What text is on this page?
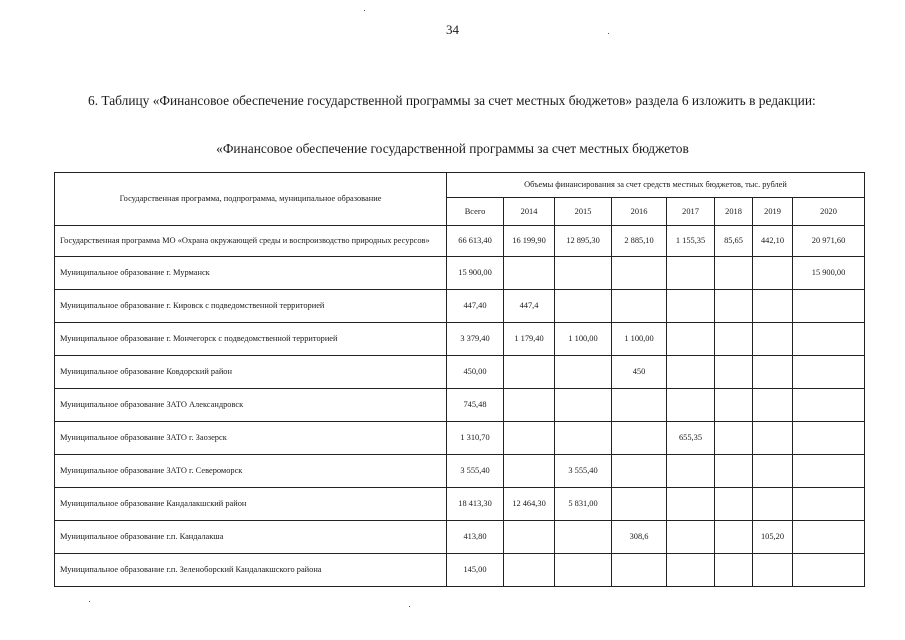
34
6. Таблицу «Финансовое обеспечение государственной программы за счет местных бюджетов» раздела 6 изложить в редакции:
«Финансовое обеспечение государственной программы за счет местных бюджетов
Государственная программа, подпрограмма, муниципальное образование	Объемы финансирования за счет средств местных бюджетов, тыс. рублей							
	Всего	2014	2015	2016	2017	2018	2019	2020
Государственная программа МО «Охрана окружающей среды и воспроизводство природных ресурсов»	66 613,40	16 199,90	12 895,30	2 885,10	1 155,35	85,65	442,10	20 971,60
Муниципальное образование г. Мурманск	15 900,00							15 900,00
Муниципальное образование г. Кировск с подведомственной территорией	447,40	447,4						
Муниципальное образование г. Мончегорск с подведомственной территорией	3 379,40	1 179,40	1 100,00	1 100,00				
Муниципальное образование Ковдорский район	450,00			450				
Муниципальное образование ЗАТО Александровск	745,48							
Муниципальное образование ЗАТО г. Заозерск	1 310,70				655,35			
Муниципальное образование ЗАТО г. Североморск	3 555,40		3 555,40					
Муниципальное образование Кандалакшский район	18 413,30	12 464,30	5 831,00					
Муниципальное образование г.п. Кандалакша	413,80			308,6			105,20	
Муниципальное образование г.п. Зеленоборский Кандалакшского района	145,00							
